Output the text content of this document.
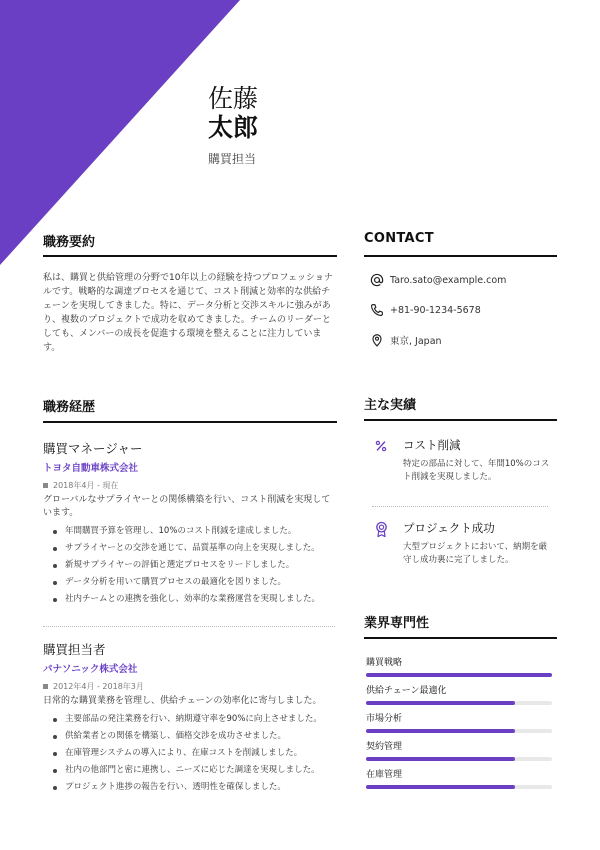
佐藤
太郎
購買担当
職務要約
私は、購買と供給管理の分野で10年以上の経験を持つプロフェッショナルです。戦略的な調達プロセスを通じて、コスト削減と効率的な供給チェーンを実現してきました。特に、データ分析と交渉スキルに強みがあり、複数のプロジェクトで成功を収めてきました。チームのリーダーとしても、メンバーの成長を促進する環境を整えることに注力しています。
CONTACT
Taro.sato@example.com
+81-90-1234-5678
東京, Japan
職務経歴
購買マネージャー
トヨタ自動車株式会社
2018年4月 - 現在
グローバルなサプライヤーとの関係構築を行い、コスト削減を実現しています。
年間購買予算を管理し、10%のコスト削減を達成しました。
サプライヤーとの交渉を通じて、品質基準の向上を実現しました。
新規サプライヤーの評価と選定プロセスをリードしました。
データ分析を用いて購買プロセスの最適化を図りました。
社内チームとの連携を強化し、効率的な業務運営を実現しました。
購買担当者
パナソニック株式会社
2012年4月 - 2018年3月
日常的な購買業務を管理し、供給チェーンの効率化に寄与しました。
主要部品の発注業務を行い、納期遵守率を90%に向上させました。
供給業者との関係を構築し、価格交渉を成功させました。
在庫管理システムの導入により、在庫コストを削減しました。
社内の他部門と密に連携し、ニーズに応じた調達を実現しました。
プロジェクト進捗の報告を行い、透明性を確保しました。
主な実績
コスト削減
特定の部品に対して、年間10%のコスト削減を実現しました。
プロジェクト成功
大型プロジェクトにおいて、納期を厳守し成功裏に完了しました。
業界専門性
購買戦略
供給チェーン最適化
市場分析
契約管理
在庫管理
